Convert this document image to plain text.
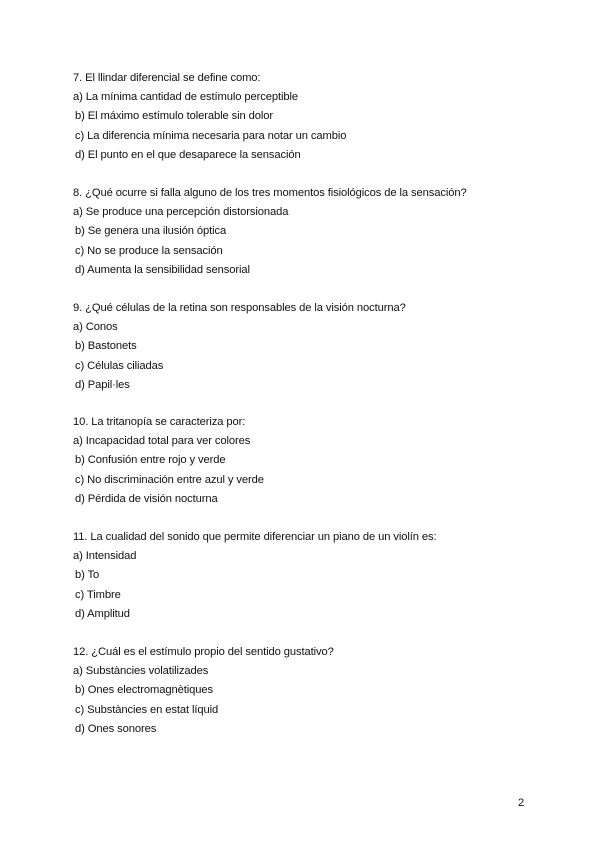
7. El llindar diferencial se define como:
a) La mínima cantidad de estímulo perceptible
b) El máximo estímulo tolerable sin dolor
c) La diferencia mínima necesaria para notar un cambio
d) El punto en el que desaparece la sensación
8. ¿Qué ocurre si falla alguno de los tres momentos fisiológicos de la sensación?
a) Se produce una percepción distorsionada
b) Se genera una ilusión óptica
c) No se produce la sensación
d) Aumenta la sensibilidad sensorial
9. ¿Qué células de la retina son responsables de la visión nocturna?
a) Conos
b) Bastonets
c) Células ciliadas
d) Papil·les
10. La tritanopía se caracteriza por:
a) Incapacidad total para ver colores
b) Confusión entre rojo y verde
c) No discriminación entre azul y verde
d) Pérdida de visión nocturna
11. La cualidad del sonido que permite diferenciar un piano de un violín es:
a) Intensidad
b) To
c) Timbre
d) Amplitud
12. ¿Cuál es el estímulo propio del sentido gustativo?
a) Substàncies volatilizades
b) Ones electromagnètiques
c) Substàncies en estat líquid
d) Ones sonores
2
